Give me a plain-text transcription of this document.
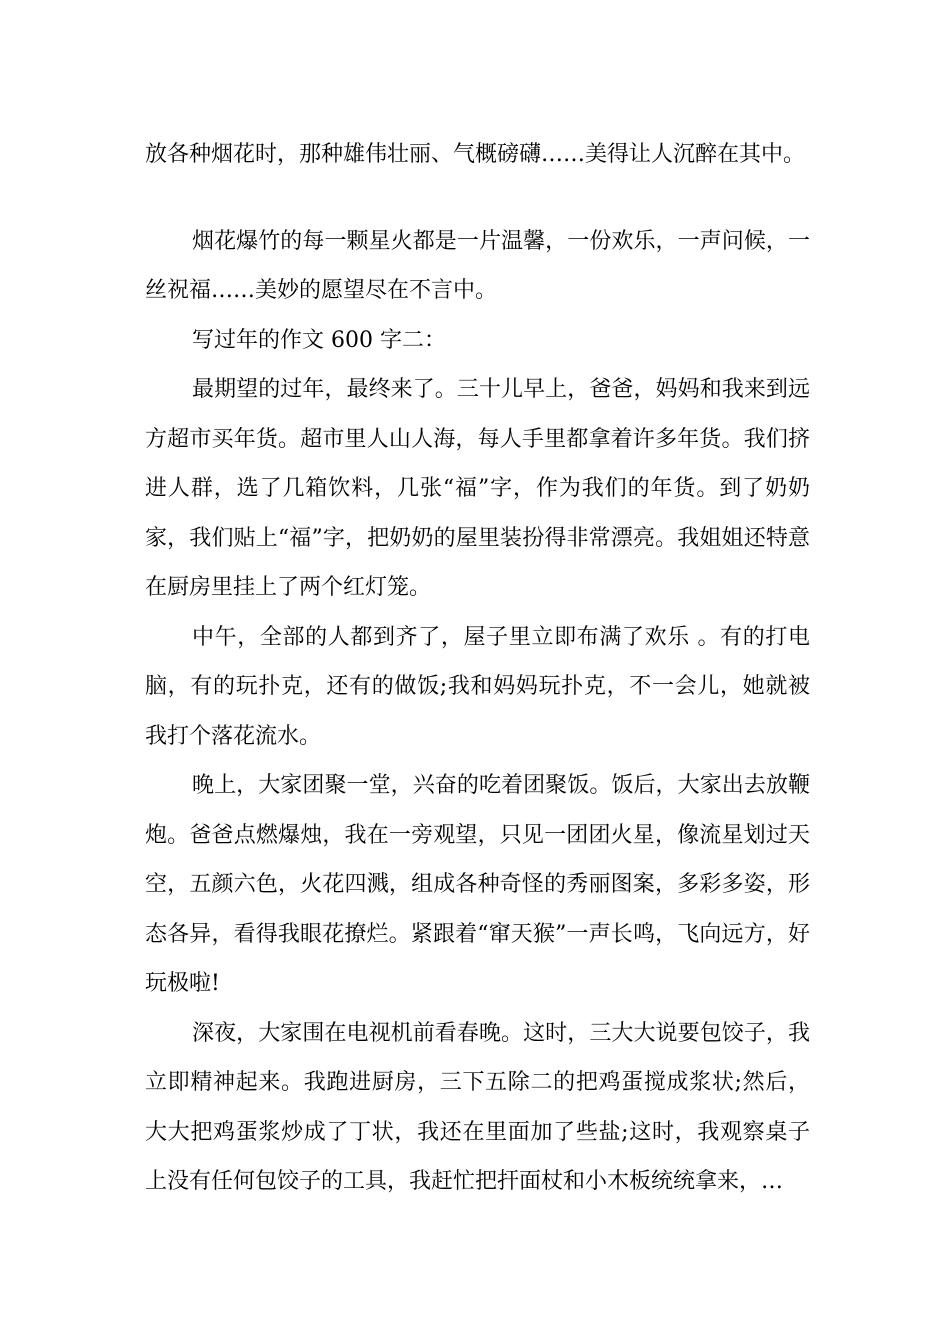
放各种烟花时，那种雄伟壮丽、气概磅礴……美得让人沉醉在其中。

烟花爆竹的每一颗星火都是一片温馨，一份欢乐，一声问候，一丝祝福……美妙的愿望尽在不言中。

写过年的作文 600 字二：

最期望的过年，最终来了。三十儿早上，爸爸，妈妈和我来到远方超市买年货。超市里人山人海，每人手里都拿着许多年货。我们挤进人群，选了几箱饮料，几张“福”字，作为我们的年货。到了奶奶家，我们贴上“福”字，把奶奶的屋里装扮得非常漂亮。我姐姐还特意在厨房里挂上了两个红灯笼。

中午，全部的人都到齐了，屋子里立即布满了欢乐 。有的打电脑，有的玩扑克，还有的做饭;我和妈妈玩扑克，不一会儿，她就被我打个落花流水。

晚上，大家团聚一堂，兴奋的吃着团聚饭。饭后，大家出去放鞭炮。爸爸点燃爆烛，我在一旁观望，只见一团团火星，像流星划过天空，五颜六色，火花四溅，组成各种奇怪的秀丽图案，多彩多姿，形态各异，看得我眼花撩烂。紧跟着“窜天猴”一声长鸣，飞向远方，好玩极啦!

深夜，大家围在电视机前看春晚。这时，三大大说要包饺子，我立即精神起来。我跑进厨房，三下五除二的把鸡蛋搅成浆状;然后，大大把鸡蛋浆炒成了丁状，我还在里面加了些盐;这时，我观察桌子上没有任何包饺子的工具，我赶忙把扞面杖和小木板统统拿来，…
